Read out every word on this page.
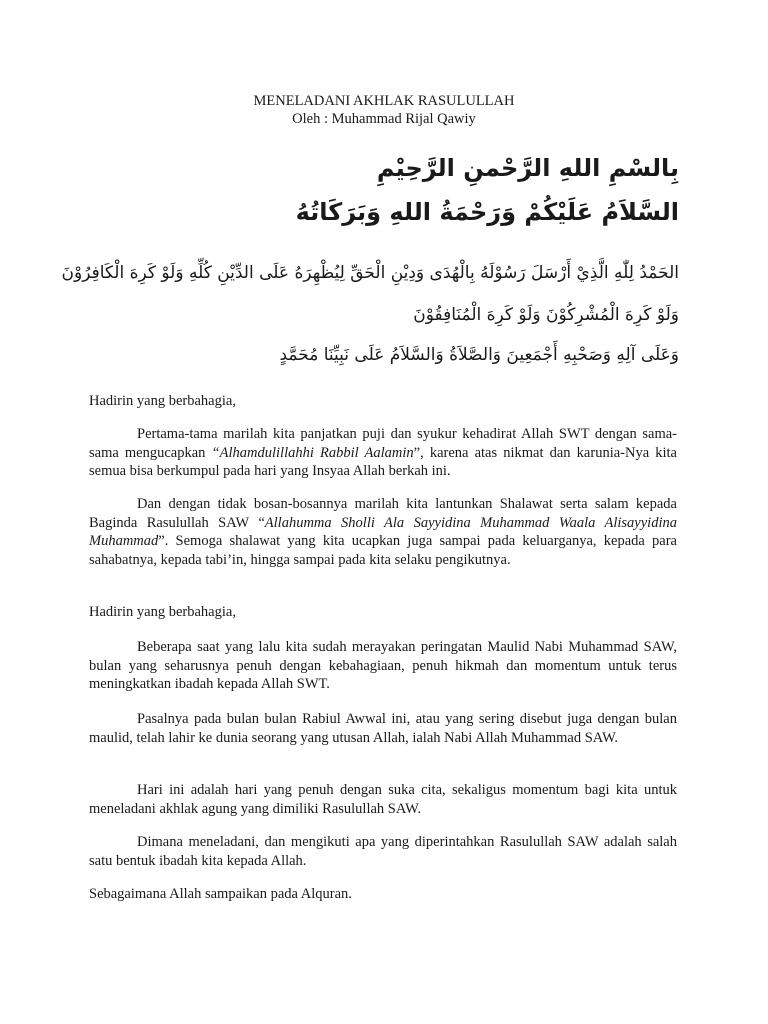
MENELADANI AKHLAK RASULULLAH
Oleh : Muhammad Rijal Qawiy
بِالسْمِ اللهِ الرَّحْمنِ الرَّحِيْمِ
السَّلاَمُ عَلَيْكُمْ وَرَحْمَةُ اللهِ وَبَرَكَاتُهُ
الحَمْدُ لِلّٰهِ الَّذِيْ أَرْسَلَ رَسُوْلَهُ بِالْهُدَى وَدِيْنِ الْحَقِّ لِيُظْهِرَهُ عَلَى الدِّيْنِ كُلِّهِ وَلَوْ كَرِهَ الْكَافِرُوْنَ
وَلَوْ كَرِهَ الْمُشْرِكُوْنَ وَلَوْ كَرِهَ الْمُنَافِقُوْنَ
وَعَلَى آلِهِ وَصَحْبِهِ أَجْمَعِينَ وَالصَّلاَةُ وَالسَّلاَمُ عَلَى نَبِيِّنَا مُحَمَّدٍ

Hadirin yang berbahagia,

Pertama-tama marilah kita panjatkan puji dan syukur kehadirat Allah SWT dengan sama-sama mengucapkan “Alhamdulillahhi Rabbil Aalamin”, karena atas nikmat dan karunia-Nya kita semua bisa berkumpul pada hari yang Insyaa Allah berkah ini.

Dan dengan tidak bosan-bosannya marilah kita lantunkan Shalawat serta salam kepada Baginda Rasulullah SAW “Allahumma Sholli Ala Sayyidina Muhammad Waala Alisayyidina Muhammad”. Semoga shalawat yang kita ucapkan juga sampai pada keluarganya, kepada para sahabatnya, kepada tabi’in, hingga sampai pada kita selaku pengikutnya.

Hadirin yang berbahagia,

Beberapa saat yang lalu kita sudah merayakan peringatan Maulid Nabi Muhammad SAW, bulan yang seharusnya penuh dengan kebahagiaan, penuh hikmah dan momentum untuk terus meningkatkan ibadah kepada Allah SWT.

Pasalnya pada bulan bulan Rabiul Awwal ini, atau yang sering disebut juga dengan bulan maulid, telah lahir ke dunia seorang yang utusan Allah, ialah Nabi Allah Muhammad SAW.

Hari ini adalah hari yang penuh dengan suka cita, sekaligus momentum bagi kita untuk meneladani akhlak agung yang dimiliki Rasulullah SAW.

Dimana meneladani, dan mengikuti apa yang diperintahkan Rasulullah SAW adalah salah satu bentuk ibadah kita kepada Allah.

Sebagaimana Allah sampaikan pada Alquran.
